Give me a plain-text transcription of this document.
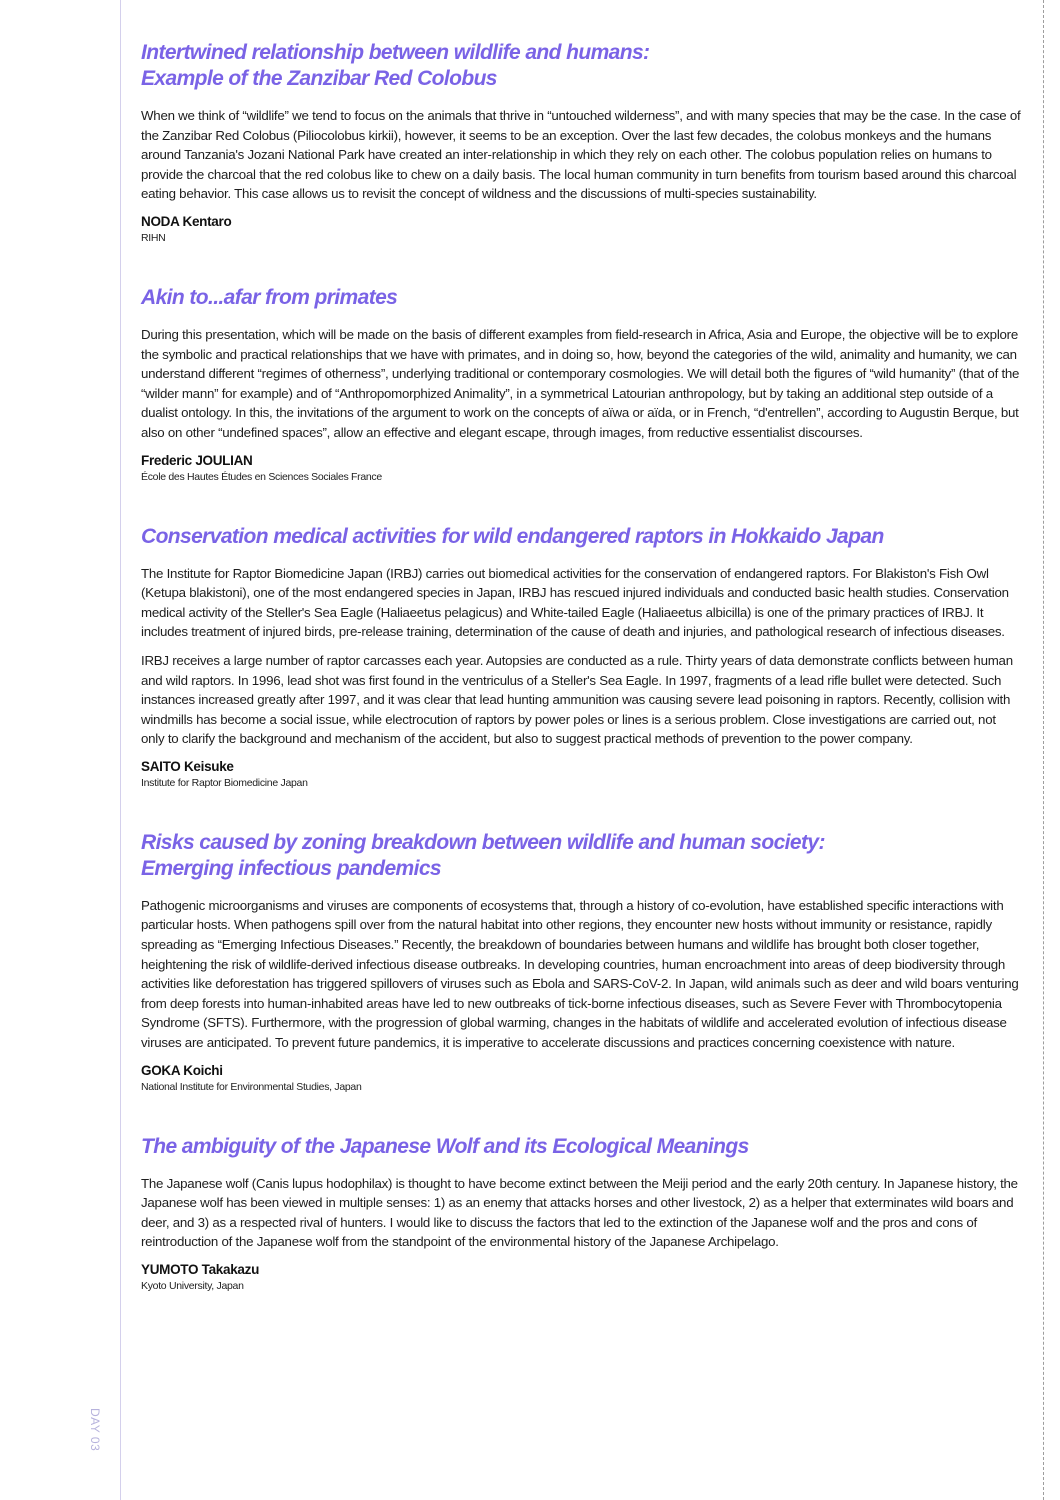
DAY 03
Intertwined relationship between wildlife and humans:
Example of the Zanzibar Red Colobus

When we think of “wildlife” we tend to focus on the animals that thrive in “untouched wilderness”, and with many species that may be the case. In the case of the Zanzibar Red Colobus (Piliocolobus kirkii), however, it seems to be an exception. Over the last few decades, the colobus monkeys and the humans around Tanzania's Jozani National Park have created an inter-relationship in which they rely on each other. The colobus population relies on humans to provide the charcoal that the red colobus like to chew on a daily basis. The local human community in turn benefits from tourism based around this charcoal eating behavior. This case allows us to revisit the concept of wildness and the discussions of multi-species sustainability.

NODA Kentaro

RIHN

Akin to...afar from primates

During this presentation, which will be made on the basis of different examples from field-research in Africa, Asia and Europe, the objective will be to explore the symbolic and practical relationships that we have with primates, and in doing so, how, beyond the categories of the wild, animality and humanity, we can understand different “regimes of otherness”, underlying traditional or contemporary cosmologies. We will detail both the figures of “wild humanity” (that of the “wilder mann” for example) and of “Anthropomorphized Animality”, in a symmetrical Latourian anthropology, but by taking an additional step outside of a dualist ontology. In this, the invitations of the argument to work on the concepts of aïwa or aïda, or in French, “d'entrellen”, according to Augustin Berque, but also on other “undefined spaces”, allow an effective and elegant escape, through images, from reductive essentialist discourses.

Frederic JOULIAN

École des Hautes Études en Sciences Sociales France

Conservation medical activities for wild endangered raptors in Hokkaido Japan

The Institute for Raptor Biomedicine Japan (IRBJ) carries out biomedical activities for the conservation of endangered raptors. For Blakiston's Fish Owl (Ketupa blakistoni), one of the most endangered species in Japan, IRBJ has rescued injured individuals and conducted basic health studies. Conservation medical activity of the Steller's Sea Eagle (Haliaeetus pelagicus) and White-tailed Eagle (Haliaeetus albicilla) is one of the primary practices of IRBJ. It includes treatment of injured birds, pre-release training, determination of the cause of death and injuries, and pathological research of infectious diseases.

IRBJ receives a large number of raptor carcasses each year. Autopsies are conducted as a rule. Thirty years of data demonstrate conflicts between human and wild raptors. In 1996, lead shot was first found in the ventriculus of a Steller's Sea Eagle. In 1997, fragments of a lead rifle bullet were detected. Such instances increased greatly after 1997, and it was clear that lead hunting ammunition was causing severe lead poisoning in raptors. Recently, collision with windmills has become a social issue, while electrocution of raptors by power poles or lines is a serious problem. Close investigations are carried out, not only to clarify the background and mechanism of the accident, but also to suggest practical methods of prevention to the power company.

SAITO Keisuke

Institute for Raptor Biomedicine Japan

Risks caused by zoning breakdown between wildlife and human society:
Emerging infectious pandemics

Pathogenic microorganisms and viruses are components of ecosystems that, through a history of co-evolution, have established specific interactions with particular hosts. When pathogens spill over from the natural habitat into other regions, they encounter new hosts without immunity or resistance, rapidly spreading as “Emerging Infectious Diseases.” Recently, the breakdown of boundaries between humans and wildlife has brought both closer together, heightening the risk of wildlife-derived infectious disease outbreaks. In developing countries, human encroachment into areas of deep biodiversity through activities like deforestation has triggered spillovers of viruses such as Ebola and SARS-CoV-2. In Japan, wild animals such as deer and wild boars venturing from deep forests into human-inhabited areas have led to new outbreaks of tick-borne infectious diseases, such as Severe Fever with Thrombocytopenia Syndrome (SFTS). Furthermore, with the progression of global warming, changes in the habitats of wildlife and accelerated evolution of infectious disease viruses are anticipated. To prevent future pandemics, it is imperative to accelerate discussions and practices concerning coexistence with nature.

GOKA Koichi

National Institute for Environmental Studies, Japan

The ambiguity of the Japanese Wolf and its Ecological Meanings

The Japanese wolf (Canis lupus hodophilax) is thought to have become extinct between the Meiji period and the early 20th century. In Japanese history, the Japanese wolf has been viewed in multiple senses: 1) as an enemy that attacks horses and other livestock, 2) as a helper that exterminates wild boars and deer, and 3) as a respected rival of hunters. I would like to discuss the factors that led to the extinction of the Japanese wolf and the pros and cons of reintroduction of the Japanese wolf from the standpoint of the environmental history of the Japanese Archipelago.

YUMOTO Takakazu

Kyoto University, Japan
